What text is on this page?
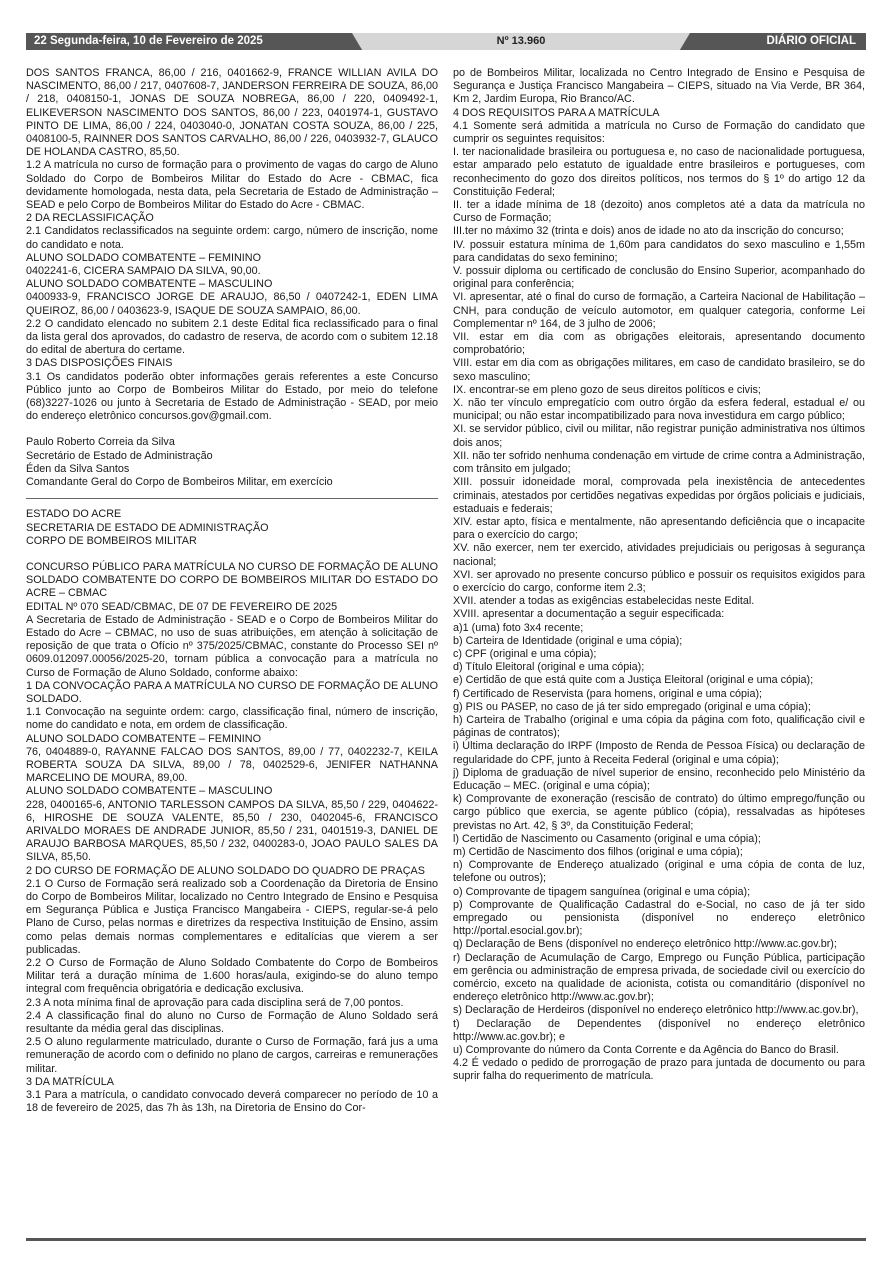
22 Segunda-feira, 10 de Fevereiro de 2025	Nº 13.960	DIÁRIO OFICIAL

DOS SANTOS FRANCA, 86,00 / 216, 0401662-9, FRANCE WILLIAN AVILA DO NASCIMENTO, 86,00 / 217, 0407608-7, JANDERSON FERREIRA DE SOUZA, 86,00 / 218, 0408150-1, JONAS DE SOUZA NOBREGA, 86,00 / 220, 0409492-1, ELIKEVERSON NASCIMENTO DOS SANTOS, 86,00 / 223, 0401974-1, GUSTAVO PINTO DE LIMA, 86,00 / 224, 0403040-0, JONATAN COSTA SOUZA, 86,00 / 225, 0408100-5, RAINNER DOS SANTOS CARVALHO, 86,00 / 226, 0403932-7, GLAUCO DE HOLANDA CASTRO, 85,50.

1.2 A matrícula no curso de formação para o provimento de vagas do cargo de Aluno Soldado do Corpo de Bombeiros Militar do Estado do Acre - CBMAC, fica devidamente homologada, nesta data, pela Secretaria de Estado de Administração – SEAD e pelo Corpo de Bombeiros Militar do Estado do Acre - CBMAC.

2 DA RECLASSIFICAÇÃO

2.1 Candidatos reclassificados na seguinte ordem: cargo, número de inscrição, nome do candidato e nota.

ALUNO SOLDADO COMBATENTE – FEMININO

0402241-6, CICERA SAMPAIO DA SILVA, 90,00.

ALUNO SOLDADO COMBATENTE – MASCULINO

0400933-9, FRANCISCO JORGE DE ARAUJO, 86,50 / 0407242-1, EDEN LIMA QUEIROZ, 86,00 / 0403623-9, ISAQUE DE SOUZA SAMPAIO, 86,00.

2.2 O candidato elencado no subitem 2.1 deste Edital fica reclassificado para o final da lista geral dos aprovados, do cadastro de reserva, de acordo com o subitem 12.18 do edital de abertura do certame.

3 DAS DISPOSIÇÕES FINAIS

3.1 Os candidatos poderão obter informações gerais referentes a este Concurso Público junto ao Corpo de Bombeiros Militar do Estado, por meio do telefone (68)3227-1026 ou junto à Secretaria de Estado de Administração - SEAD, por meio do endereço eletrônico concursos.gov@gmail.com.

Paulo Roberto Correia da Silva

Secretário de Estado de Administração

Éden da Silva Santos

Comandante Geral do Corpo de Bombeiros Militar, em exercício

ESTADO DO ACRE

SECRETARIA DE ESTADO DE ADMINISTRAÇÃO

CORPO DE BOMBEIROS MILITAR

CONCURSO PÚBLICO PARA MATRÍCULA NO CURSO DE FORMAÇÃO DE ALUNO SOLDADO COMBATENTE DO CORPO DE BOMBEIROS MILITAR DO ESTADO DO ACRE – CBMAC

EDITAL Nº 070 SEAD/CBMAC, DE 07 DE FEVEREIRO DE 2025

A Secretaria de Estado de Administração - SEAD e o Corpo de Bombeiros Militar do Estado do Acre – CBMAC, no uso de suas atribuições, em atenção à solicitação de reposição de que trata o Ofício nº 375/2025/CBMAC, constante do Processo SEI nº 0609.012097.00056/2025-20, tornam pública a convocação para a matrícula no Curso de Formação de Aluno Soldado, conforme abaixo:

1 DA CONVOCAÇÃO PARA A MATRÍCULA NO CURSO DE FORMAÇÃO DE ALUNO SOLDADO.

1.1 Convocação na seguinte ordem: cargo, classificação final, número de inscrição, nome do candidato e nota, em ordem de classificação.

ALUNO SOLDADO COMBATENTE – FEMININO

76, 0404889-0, RAYANNE FALCAO DOS SANTOS, 89,00 / 77, 0402232-7, KEILA ROBERTA SOUZA DA SILVA, 89,00 / 78, 0402529-6, JENIFER NATHANNA MARCELINO DE MOURA, 89,00.

ALUNO SOLDADO COMBATENTE – MASCULINO

228, 0400165-6, ANTONIO TARLESSON CAMPOS DA SILVA, 85,50 / 229, 0404622-6, HIROSHE DE SOUZA VALENTE, 85,50 / 230, 0402045-6, FRANCISCO ARIVALDO MORAES DE ANDRADE JUNIOR, 85,50 / 231, 0401519-3, DANIEL DE ARAUJO BARBOSA MARQUES, 85,50 / 232, 0400283-0, JOAO PAULO SALES DA SILVA, 85,50.

2 DO CURSO DE FORMAÇÃO DE ALUNO SOLDADO DO QUADRO DE PRAÇAS

2.1 O Curso de Formação será realizado sob a Coordenação da Diretoria de Ensino do Corpo de Bombeiros Militar, localizado no Centro Integrado de Ensino e Pesquisa em Segurança Pública e Justiça Francisco Mangabeira - CIEPS, regular-se-á pelo Plano de Curso, pelas normas e diretrizes da respectiva Instituição de Ensino, assim como pelas demais normas complementares e editalícias que vierem a ser publicadas.

2.2 O Curso de Formação de Aluno Soldado Combatente do Corpo de Bombeiros Militar terá a duração mínima de 1.600 horas/aula, exigindo-se do aluno tempo integral com frequência obrigatória e dedicação exclusiva.

2.3 A nota mínima final de aprovação para cada disciplina será de 7,00 pontos.

2.4 A classificação final do aluno no Curso de Formação de Aluno Soldado será resultante da média geral das disciplinas.

2.5 O aluno regularmente matriculado, durante o Curso de Formação, fará jus a uma remuneração de acordo com o definido no plano de cargos, carreiras e remunerações militar.

3 DA MATRÍCULA

3.1 Para a matrícula, o candidato convocado deverá comparecer no período de 10 a 18 de fevereiro de 2025, das 7h às 13h, na Diretoria de Ensino do Cor-

po de Bombeiros Militar, localizada no Centro Integrado de Ensino e Pesquisa de Segurança e Justiça Francisco Mangabeira – CIEPS, situado na Via Verde, BR 364, Km 2, Jardim Europa, Rio Branco/AC.

4 DOS REQUISITOS PARA A MATRÍCULA

4.1 Somente será admitida a matrícula no Curso de Formação do candidato que cumprir os seguintes requisitos:

I. ter nacionalidade brasileira ou portuguesa e, no caso de nacionalidade portuguesa, estar amparado pelo estatuto de igualdade entre brasileiros e portugueses, com reconhecimento do gozo dos direitos políticos, nos termos do § 1º do artigo 12 da Constituição Federal;

II. ter a idade mínima de 18 (dezoito) anos completos até a data da matrícula no Curso de Formação;

III.ter no máximo 32 (trinta e dois) anos de idade no ato da inscrição do concurso;

IV. possuir estatura mínima de 1,60m para candidatos do sexo masculino e 1,55m para candidatas do sexo feminino;

V. possuir diploma ou certificado de conclusão do Ensino Superior, acompanhado do original para conferência;

VI. apresentar, até o final do curso de formação, a Carteira Nacional de Habilitação – CNH, para condução de veículo automotor, em qualquer categoria, conforme Lei Complementar nº 164, de 3 julho de 2006;

VII. estar em dia com as obrigações eleitorais, apresentando documento comprobatório;

VIII. estar em dia com as obrigações militares, em caso de candidato brasileiro, se do sexo masculino;

IX. encontrar-se em pleno gozo de seus direitos políticos e civis;

X. não ter vínculo empregatício com outro órgão da esfera federal, estadual e/ ou municipal; ou não estar incompatibilizado para nova investidura em cargo público;

XI. se servidor público, civil ou militar, não registrar punição administrativa nos últimos dois anos;

XII. não ter sofrido nenhuma condenação em virtude de crime contra a Administração, com trânsito em julgado;

XIII. possuir idoneidade moral, comprovada pela inexistência de antecedentes criminais, atestados por certidões negativas expedidas por órgãos policiais e judiciais, estaduais e federais;

XIV. estar apto, física e mentalmente, não apresentando deficiência que o incapacite para o exercício do cargo;

XV. não exercer, nem ter exercido, atividades prejudiciais ou perigosas à segurança nacional;

XVI. ser aprovado no presente concurso público e possuir os requisitos exigidos para o exercício do cargo, conforme item 2.3;

XVII. atender a todas as exigências estabelecidas neste Edital.

XVIII. apresentar a documentação a seguir especificada:

a)1 (uma) foto 3x4 recente;

b) Carteira de Identidade (original e uma cópia);

c) CPF (original e uma cópia);

d) Título Eleitoral (original e uma cópia);

e) Certidão de que está quite com a Justiça Eleitoral (original e uma cópia);

f) Certificado de Reservista (para homens, original e uma cópia);

g) PIS ou PASEP, no caso de já ter sido empregado (original e uma cópia);

h) Carteira de Trabalho (original e uma cópia da página com foto, qualificação civil e páginas de contratos);

i) Última declaração do IRPF (Imposto de Renda de Pessoa Física) ou declaração de regularidade do CPF, junto à Receita Federal (original e uma cópia);

j) Diploma de graduação de nível superior de ensino, reconhecido pelo Ministério da Educação – MEC. (original e uma cópia);

k) Comprovante de exoneração (rescisão de contrato) do último emprego/função ou cargo público que exercia, se agente público (cópia), ressalvadas as hipóteses previstas no Art. 42, § 3º, da Constituição Federal;

l) Certidão de Nascimento ou Casamento (original e uma cópia);

m) Certidão de Nascimento dos filhos (original e uma cópia);

n) Comprovante de Endereço atualizado (original e uma cópia de conta de luz, telefone ou outros);

o) Comprovante de tipagem sanguínea (original e uma cópia);

p) Comprovante de Qualificação Cadastral do e-Social, no caso de já ter sido empregado ou pensionista (disponível no endereço eletrônico http://portal.esocial.gov.br);

q) Declaração de Bens (disponível no endereço eletrônico http://www.ac.gov.br);

r) Declaração de Acumulação de Cargo, Emprego ou Função Pública, participação em gerência ou administração de empresa privada, de sociedade civil ou exercício do comércio, exceto na qualidade de acionista, cotista ou comanditário (disponível no endereço eletrônico http://www.ac.gov.br);

s) Declaração de Herdeiros (disponível no endereço eletrônico http://www.ac.gov.br),

t) Declaração de Dependentes (disponível no endereço eletrônico http://www.ac.gov.br); e

u) Comprovante do número da Conta Corrente e da Agência do Banco do Brasil.

4.2 É vedado o pedido de prorrogação de prazo para juntada de documento ou para suprir falha do requerimento de matrícula.
